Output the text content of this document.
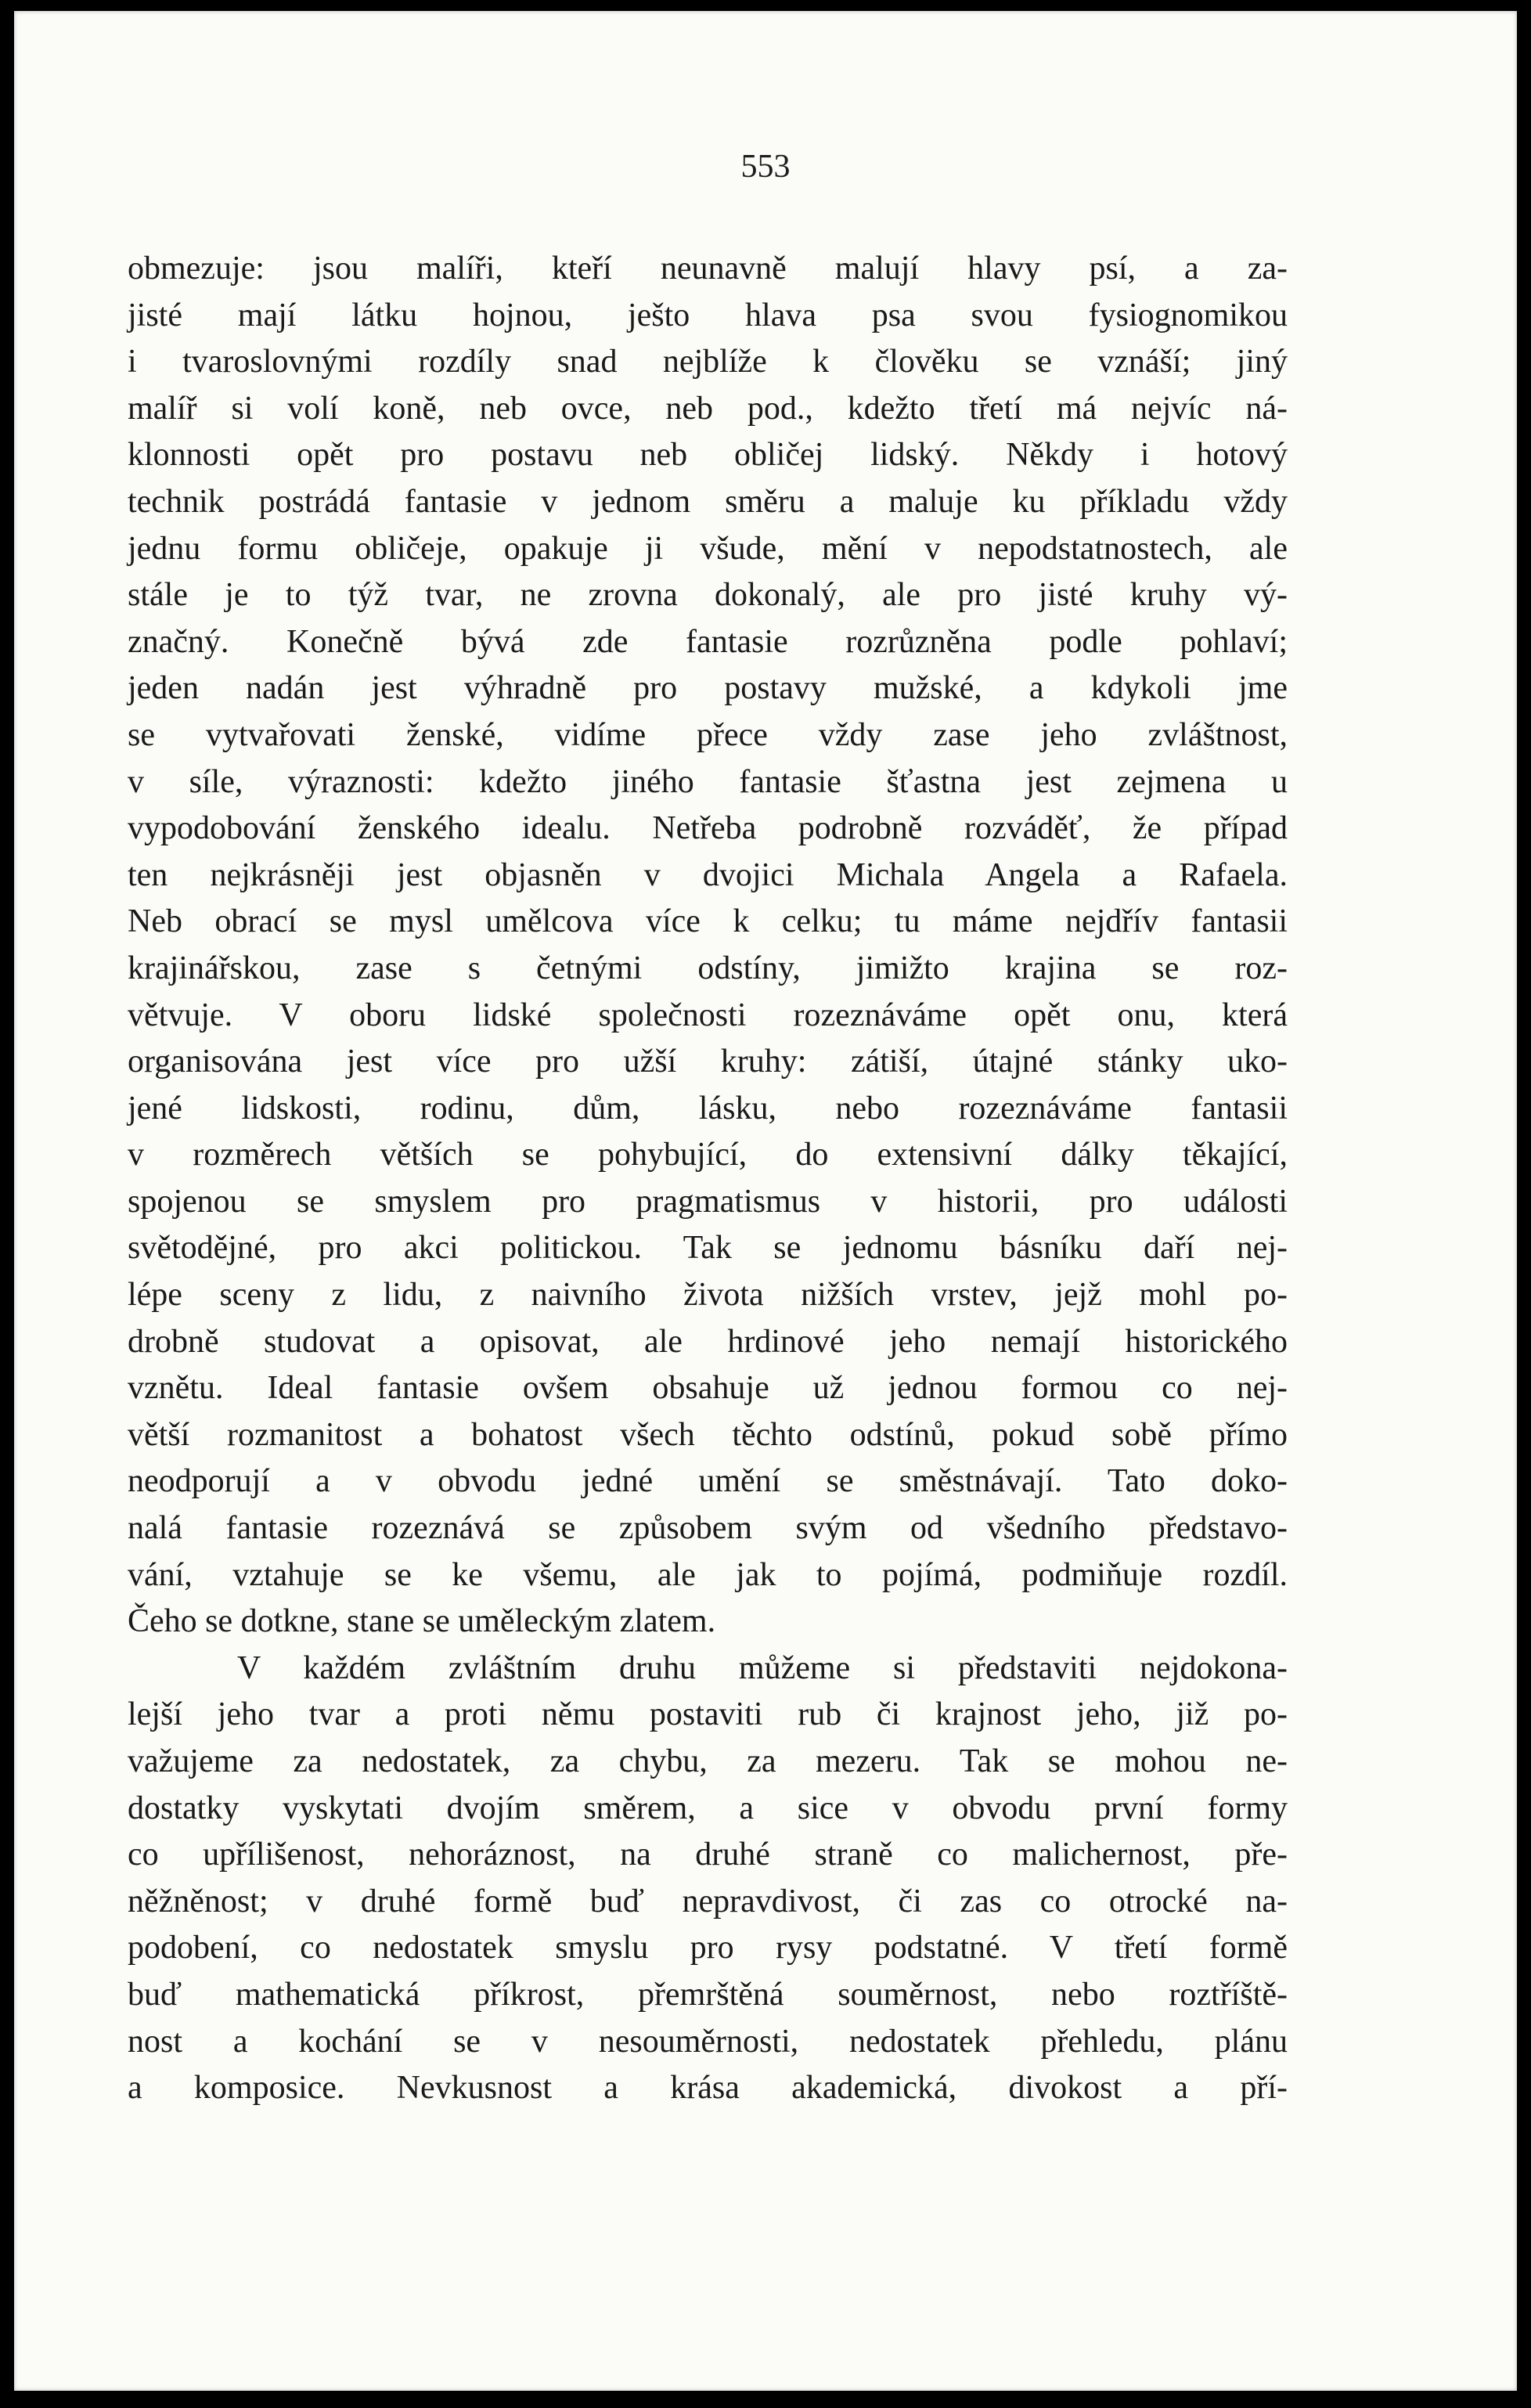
553
obmezuje: jsou malíři, kteří neunavně malují hlavy psí, a za-
jisté mají látku hojnou, ješto hlava psa svou fysiognomikou
i tvaroslovnými rozdíly snad nejblíže k člověku se vznáší; jiný
malíř si volí koně, neb ovce, neb pod., kdežto třetí má nejvíc ná-
klonnosti opět pro postavu neb obličej lidský. Někdy i hotový
technik postrádá fantasie v jednom směru a maluje ku příkladu vždy
jednu formu obličeje, opakuje ji všude, mění v nepodstatnostech, ale
stále je to týž tvar, ne zrovna dokonalý, ale pro jisté kruhy vý-
značný. Konečně bývá zde fantasie rozrůzněna podle pohlaví;
jeden nadán jest výhradně pro postavy mužské, a kdykoli jme
se vytvařovati ženské, vidíme přece vždy zase jeho zvláštnost,
v síle, výraznosti: kdežto jiného fantasie šťastna jest zejmena u
vypodobování ženského idealu. Netřeba podrobně rozváděť, že případ
ten nejkrásněji jest objasněn v dvojici Michala Angela a Rafaela.
Neb obrací se mysl umělcova více k celku; tu máme nejdřív fantasii
krajinářskou, zase s četnými odstíny, jimižto krajina se roz-
větvuje. V oboru lidské společnosti rozeznáváme opět onu, která
organisována jest více pro užší kruhy: zátiší, útajné stánky uko-
jené lidskosti, rodinu, dům, lásku, nebo rozeznáváme fantasii
v rozměrech větších se pohybující, do extensivní dálky těkající,
spojenou se smyslem pro pragmatismus v historii, pro události
světodějné, pro akci politickou. Tak se jednomu básníku daří nej-
lépe sceny z lidu, z naivního života nižších vrstev, jejž mohl po-
drobně studovat a opisovat, ale hrdinové jeho nemají historického
vznětu. Ideal fantasie ovšem obsahuje už jednou formou co nej-
větší rozmanitost a bohatost všech těchto odstínů, pokud sobě přímo
neodporují a v obvodu jedné umění se směstnávají. Tato doko-
nalá fantasie rozeznává se způsobem svým od všedního představo-
vání, vztahuje se ke všemu, ale jak to pojímá, podmiňuje rozdíl.
Čeho se dotkne, stane se uměleckým zlatem.
V každém zvláštním druhu můžeme si představiti nejdokona-
lejší jeho tvar a proti němu postaviti rub či krajnost jeho, již po-
važujeme za nedostatek, za chybu, za mezeru. Tak se mohou ne-
dostatky vyskytati dvojím směrem, a sice v obvodu první formy
co upřílišenost, nehoráznost, na druhé straně co malichernost, pře-
něžněnost; v druhé formě buď nepravdivost, či zas co otrocké na-
podobení, co nedostatek smyslu pro rysy podstatné. V třetí formě
buď mathematická příkrost, přemrštěná souměrnost, nebo roztříště-
nost a kochání se v nesouměrnosti, nedostatek přehledu, plánu
a komposice. Nevkusnost a krása akademická, divokost a pří-
